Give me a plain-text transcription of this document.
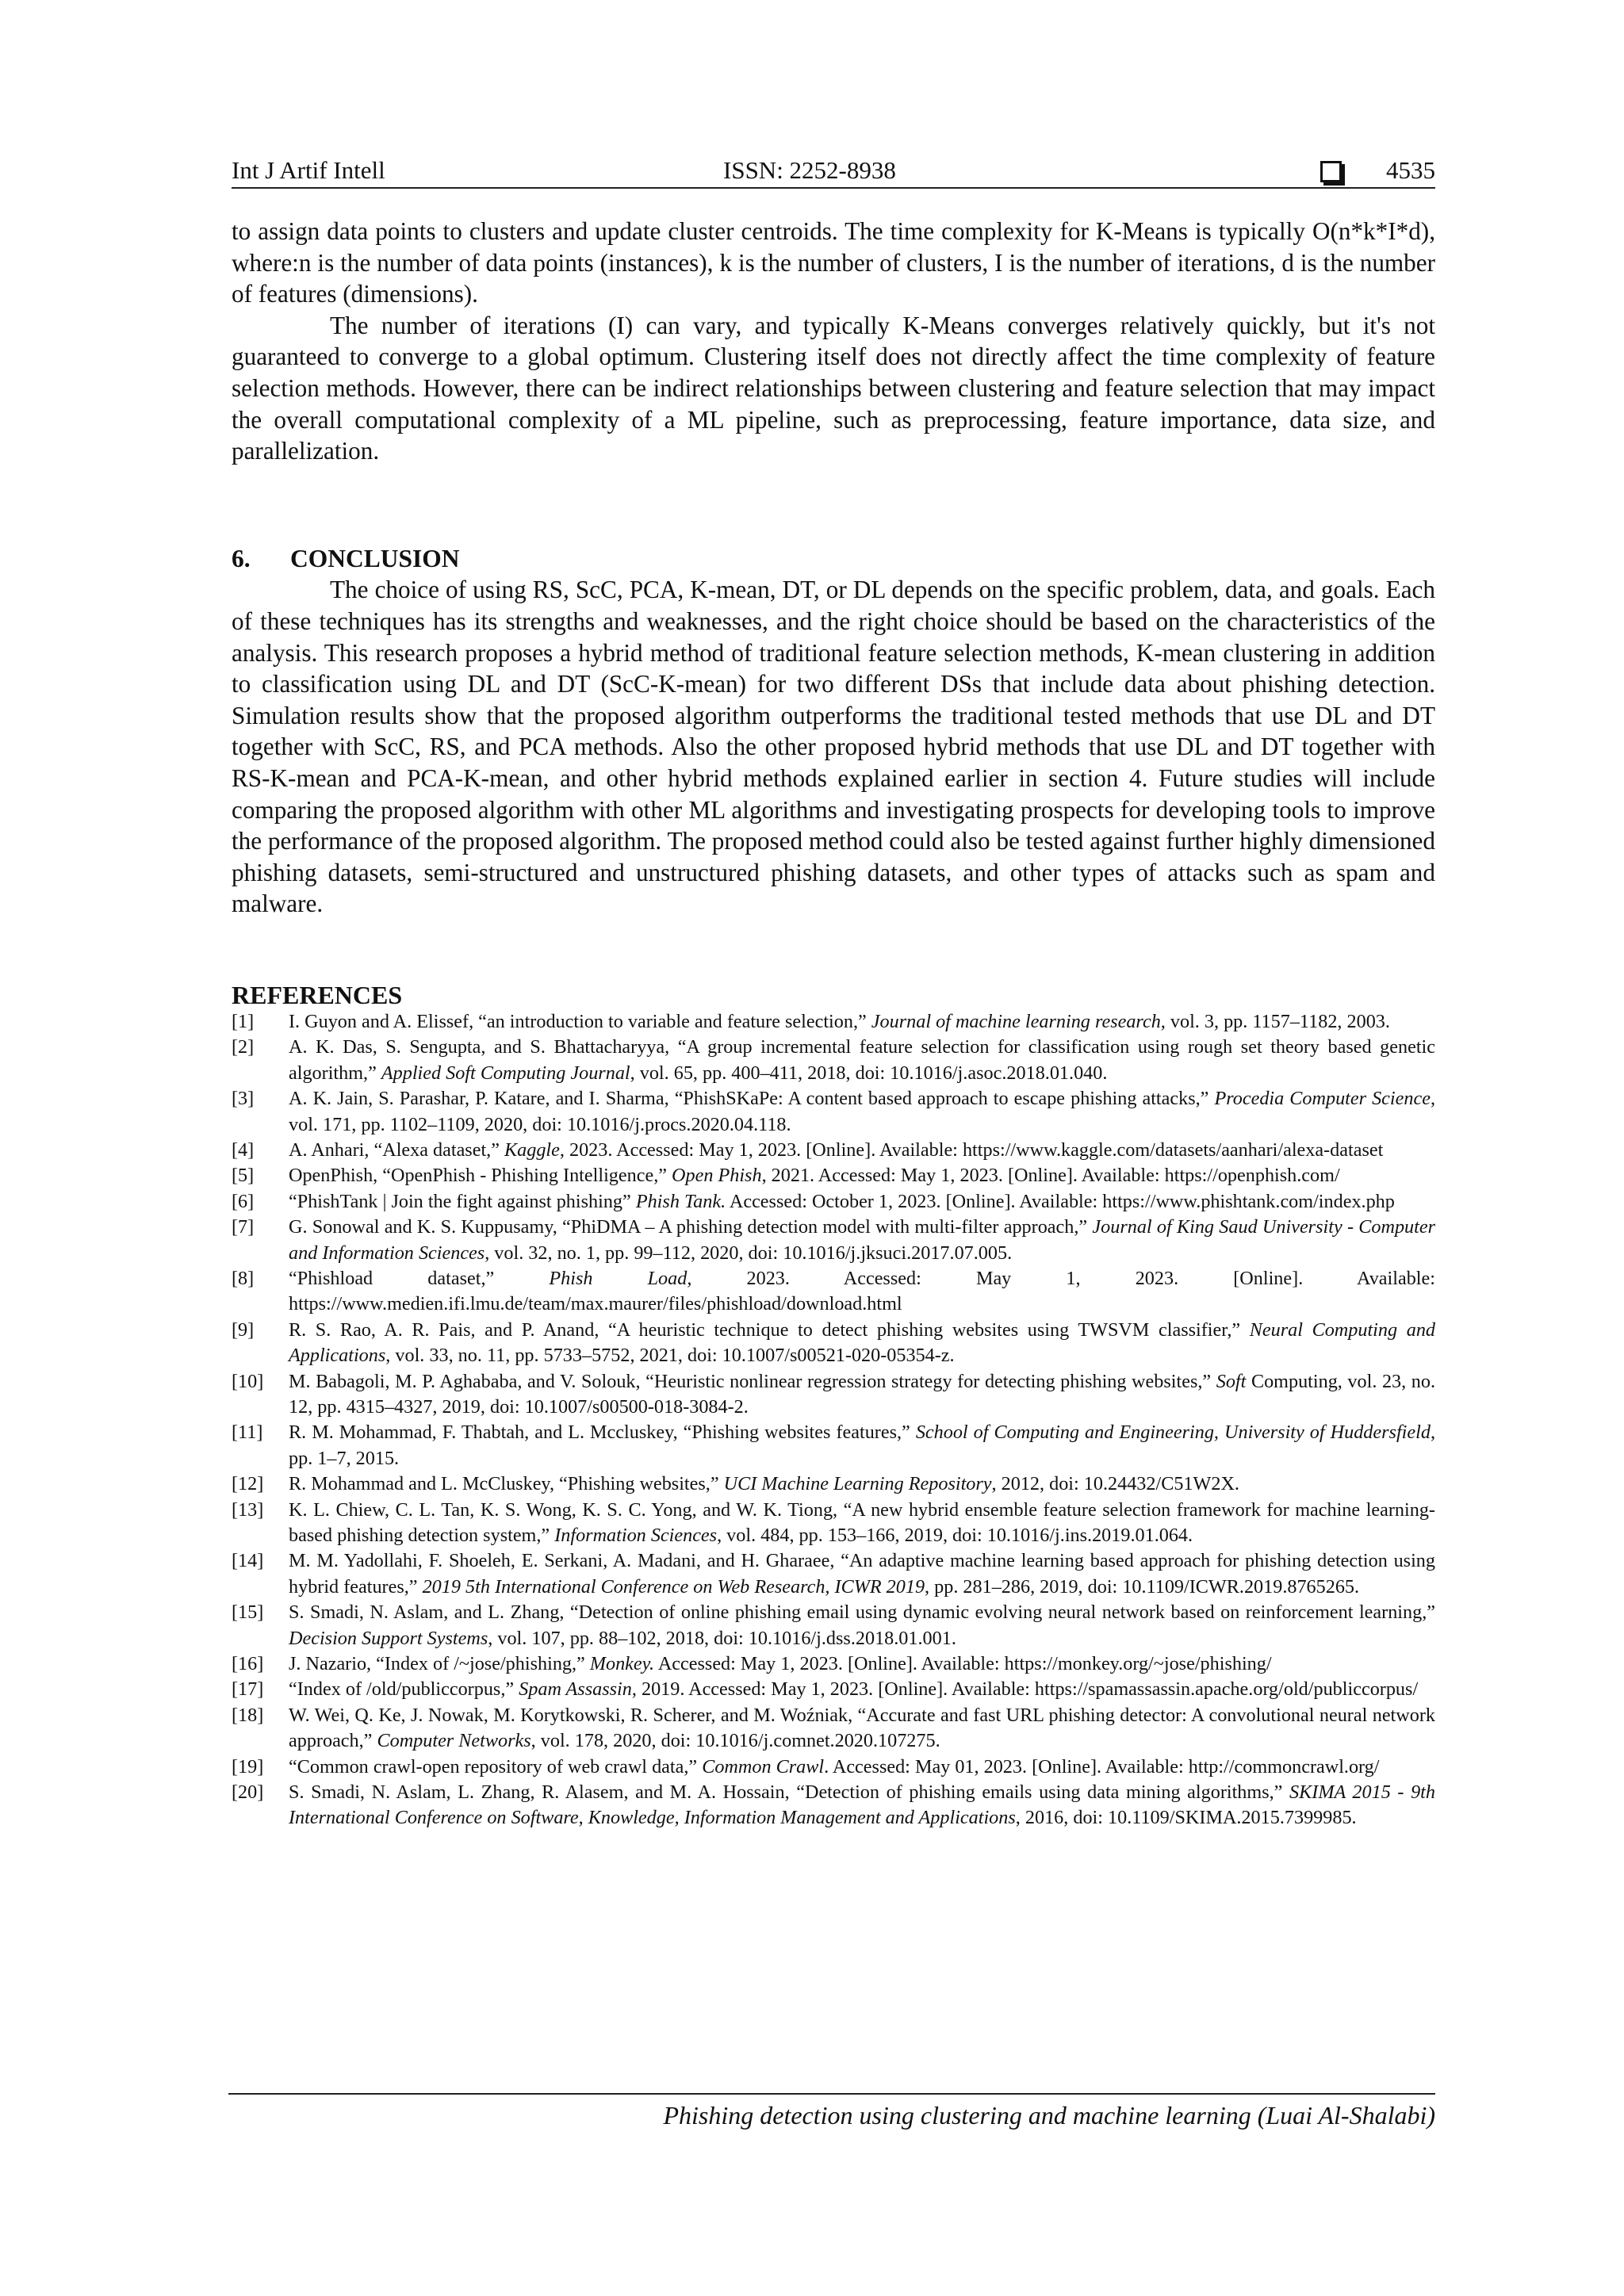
Int J Artif Intell	ISSN: 2252-8938	4535

to assign data points to clusters and update cluster centroids. The time complexity for K-Means is typically O(n*k*I*d), where:n is the number of data points (instances), k is the number of clusters, I is the number of iterations, d is the number of features (dimensions).

The number of iterations (I) can vary, and typically K-Means converges relatively quickly, but it's not guaranteed to converge to a global optimum. Clustering itself does not directly affect the time complexity of feature selection methods. However, there can be indirect relationships between clustering and feature selection that may impact the overall computational complexity of a ML pipeline, such as preprocessing, feature importance, data size, and parallelization.

6.	CONCLUSION

The choice of using RS, ScC, PCA, K-mean, DT, or DL depends on the specific problem, data, and goals. Each of these techniques has its strengths and weaknesses, and the right choice should be based on the characteristics of the analysis. This research proposes a hybrid method of traditional feature selection methods, K-mean clustering in addition to classification using DL and DT (ScC-K-mean) for two different DSs that include data about phishing detection. Simulation results show that the proposed algorithm outperforms the traditional tested methods that use DL and DT together with ScC, RS, and PCA methods. Also the other proposed hybrid methods that use DL and DT together with RS-K-mean and PCA-K-mean, and other hybrid methods explained earlier in section 4. Future studies will include comparing the proposed algorithm with other ML algorithms and investigating prospects for developing tools to improve the performance of the proposed algorithm. The proposed method could also be tested against further highly dimensioned phishing datasets, semi-structured and unstructured phishing datasets, and other types of attacks such as spam and malware.

REFERENCES
[1]	I. Guyon and A. Elissef, “an introduction to variable and feature selection,” Journal of machine learning research, vol. 3, pp. 1157–1182, 2003.
[2]	A. K. Das, S. Sengupta, and S. Bhattacharyya, “A group incremental feature selection for classification using rough set theory based genetic algorithm,” Applied Soft Computing Journal, vol. 65, pp. 400–411, 2018, doi: 10.1016/j.asoc.2018.01.040.
[3]	A. K. Jain, S. Parashar, P. Katare, and I. Sharma, “PhishSKaPe: A content based approach to escape phishing attacks,” Procedia Computer Science, vol. 171, pp. 1102–1109, 2020, doi: 10.1016/j.procs.2020.04.118.
[4]	A. Anhari, “Alexa dataset,” Kaggle, 2023. Accessed: May 1, 2023. [Online]. Available: https://www.kaggle.com/datasets/aanhari/alexa-dataset
[5]	OpenPhish, “OpenPhish - Phishing Intelligence,” Open Phish, 2021. Accessed: May 1, 2023. [Online]. Available: https://openphish.com/
[6]	“PhishTank | Join the fight against phishing” Phish Tank. Accessed: October 1, 2023. [Online]. Available: https://www.phishtank.com/index.php
[7]	G. Sonowal and K. S. Kuppusamy, “PhiDMA – A phishing detection model with multi-filter approach,” Journal of King Saud University - Computer and Information Sciences, vol. 32, no. 1, pp. 99–112, 2020, doi: 10.1016/j.jksuci.2017.07.005.
[8]	“Phishload dataset,” Phish Load, 2023. Accessed: May 1, 2023. [Online]. Available: https://www.medien.ifi.lmu.de/team/max.maurer/files/phishload/download.html
[9]	R. S. Rao, A. R. Pais, and P. Anand, “A heuristic technique to detect phishing websites using TWSVM classifier,” Neural Computing and Applications, vol. 33, no. 11, pp. 5733–5752, 2021, doi: 10.1007/s00521-020-05354-z.
[10]	M. Babagoli, M. P. Aghababa, and V. Solouk, “Heuristic nonlinear regression strategy for detecting phishing websites,” Soft Computing, vol. 23, no. 12, pp. 4315–4327, 2019, doi: 10.1007/s00500-018-3084-2.
[11]	R. M. Mohammad, F. Thabtah, and L. Mccluskey, “Phishing websites features,” School of Computing and Engineering, University of Huddersfield, pp. 1–7, 2015.
[12]	R. Mohammad and L. McCluskey, “Phishing websites,” UCI Machine Learning Repository, 2012, doi: 10.24432/C51W2X.
[13]	K. L. Chiew, C. L. Tan, K. S. Wong, K. S. C. Yong, and W. K. Tiong, “A new hybrid ensemble feature selection framework for machine learning-based phishing detection system,” Information Sciences, vol. 484, pp. 153–166, 2019, doi: 10.1016/j.ins.2019.01.064.
[14]	M. M. Yadollahi, F. Shoeleh, E. Serkani, A. Madani, and H. Gharaee, “An adaptive machine learning based approach for phishing detection using hybrid features,” 2019 5th International Conference on Web Research, ICWR 2019, pp. 281–286, 2019, doi: 10.1109/ICWR.2019.8765265.
[15]	S. Smadi, N. Aslam, and L. Zhang, “Detection of online phishing email using dynamic evolving neural network based on reinforcement learning,” Decision Support Systems, vol. 107, pp. 88–102, 2018, doi: 10.1016/j.dss.2018.01.001.
[16]	J. Nazario, “Index of /~jose/phishing,” Monkey. Accessed: May 1, 2023. [Online]. Available: https://monkey.org/~jose/phishing/
[17]	“Index of /old/publiccorpus,” Spam Assassin, 2019. Accessed: May 1, 2023. [Online]. Available: https://spamassassin.apache.org/old/publiccorpus/
[18]	W. Wei, Q. Ke, J. Nowak, M. Korytkowski, R. Scherer, and M. Woźniak, “Accurate and fast URL phishing detector: A convolutional neural network approach,” Computer Networks, vol. 178, 2020, doi: 10.1016/j.comnet.2020.107275.
[19]	“Common crawl-open repository of web crawl data,” Common Crawl. Accessed: May 01, 2023. [Online]. Available: http://commoncrawl.org/
[20]	S. Smadi, N. Aslam, L. Zhang, R. Alasem, and M. A. Hossain, “Detection of phishing emails using data mining algorithms,” SKIMA 2015 - 9th International Conference on Software, Knowledge, Information Management and Applications, 2016, doi: 10.1109/SKIMA.2015.7399985.
Phishing detection using clustering and machine learning (Luai Al-Shalabi)
